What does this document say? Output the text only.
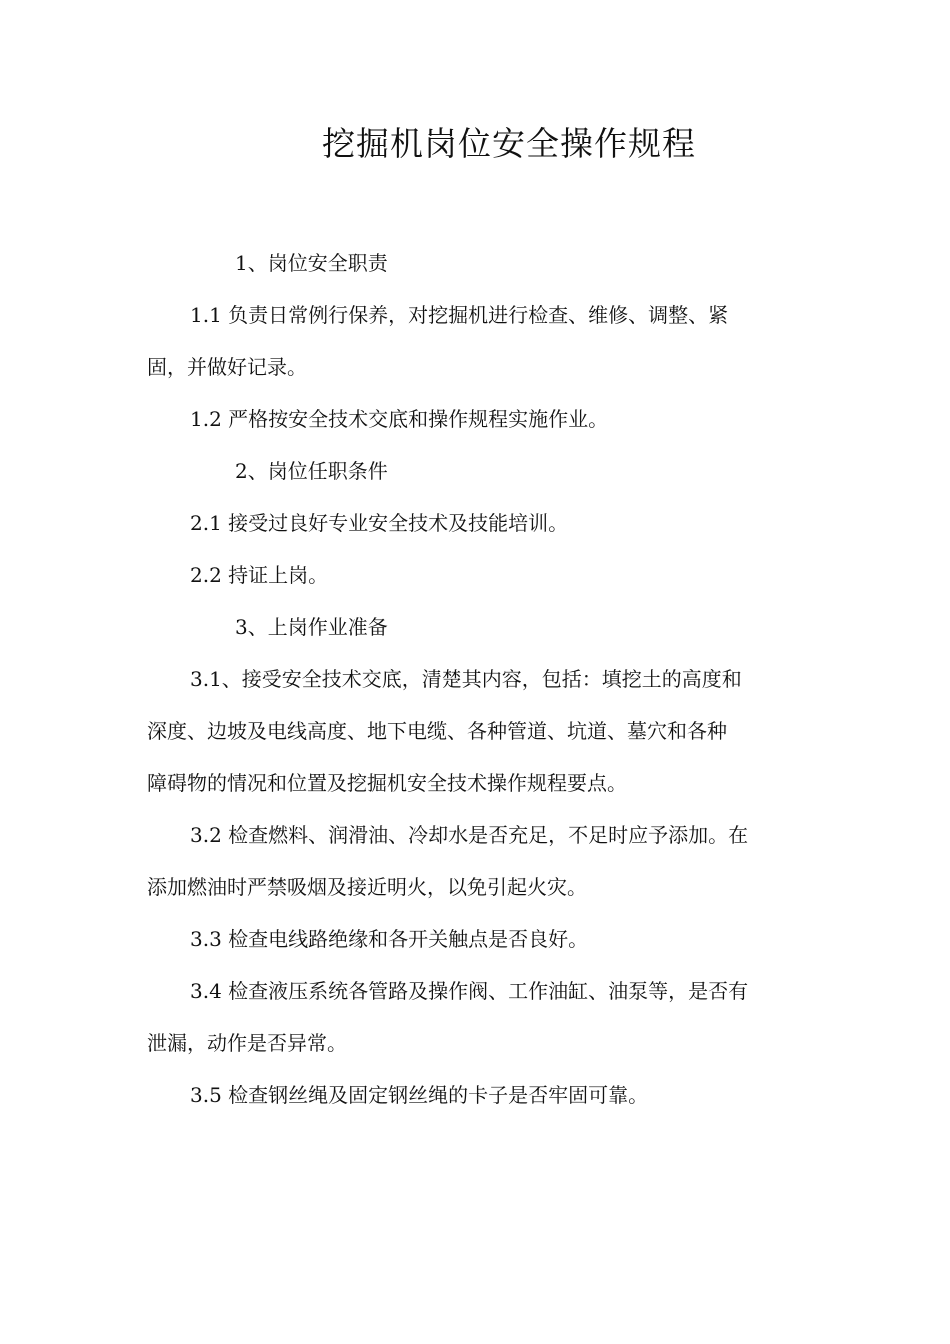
挖掘机岗位安全操作规程

1、岗位安全职责

1.1 负责日常例行保养，对挖掘机进行检查、维修、调整、紧

固，并做好记录。

1.2 严格按安全技术交底和操作规程实施作业。

2、岗位任职条件

2.1 接受过良好专业安全技术及技能培训。

2.2 持证上岗。

3、上岗作业准备

3.1、接受安全技术交底，清楚其内容，包括：填挖土的高度和

深度、边坡及电线高度、地下电缆、各种管道、坑道、墓穴和各种

障碍物的情况和位置及挖掘机安全技术操作规程要点。

3.2 检查燃料、润滑油、冷却水是否充足，不足时应予添加。在

添加燃油时严禁吸烟及接近明火，以免引起火灾。

3.3 检查电线路绝缘和各开关触点是否良好。

3.4 检查液压系统各管路及操作阀、工作油缸、油泵等，是否有

泄漏，动作是否异常。

3.5 检查钢丝绳及固定钢丝绳的卡子是否牢固可靠。
